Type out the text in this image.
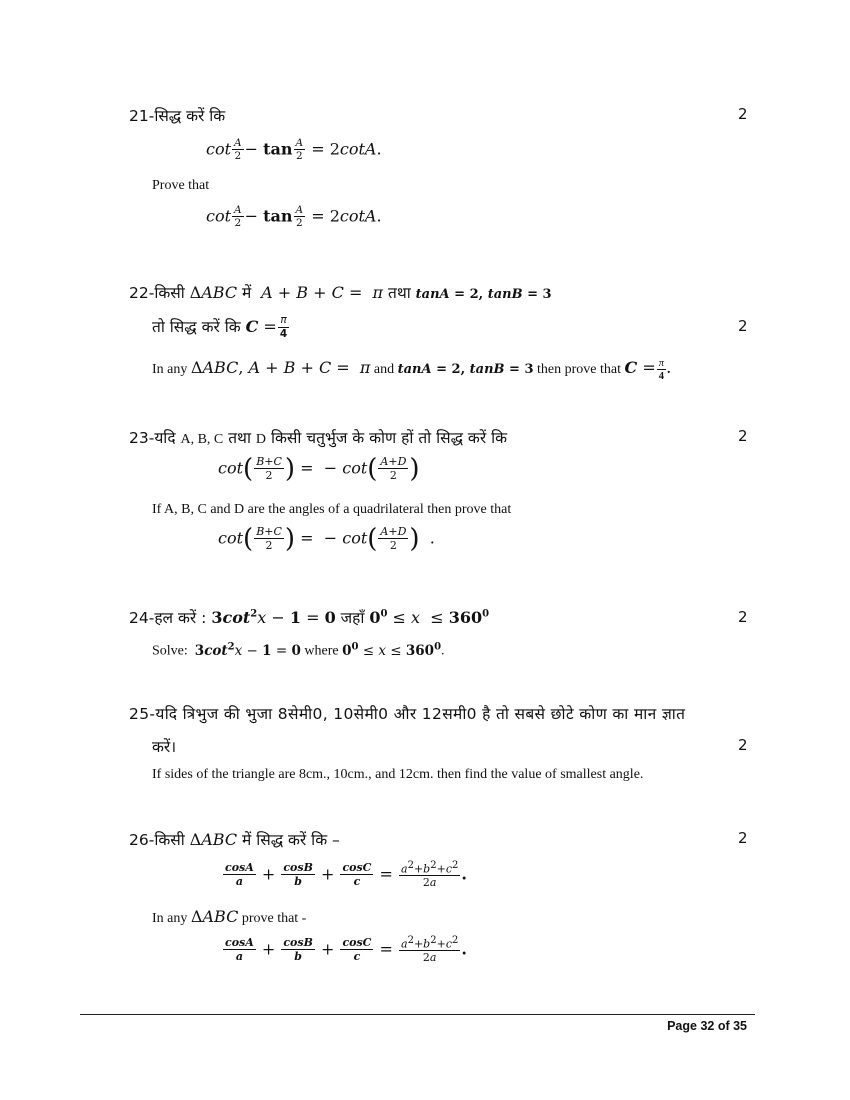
21-सिद्ध करें कि	2
$\cot \frac{A}{2} - \tan \frac{A}{2} = 2\cot A$.
Prove that
$\cot \frac{A}{2} - \tan \frac{A}{2} = 2\cot A$.
22-किसी ΔABC में  A + B + C =  π तथा tanA = 2, tanB = 3
तो सिद्ध करें कि $C = \frac{\pi}{4}$	2
In any ΔABC, A + B + C =  π and tanA = 2, tanB = 3 then prove that $C = \frac{\pi}{4}$ .
23-यदि A, B, C तथा D किसी चतुर्भुज के कोण हों तो सिद्ध करें कि	2
$\cot( \frac{B+C}{2}$ ) =  − $\cot( \frac{A+D}{2}$ )
If A, B, C and D are the angles of a quadrilateral then prove that
$\cot( \frac{B+C}{2}$ ) =  − $\cot( \frac{A+D}{2}$ )  .
24-हल करें : $3\cot^2x - 1 = 0$ जहाँ $0^0 \le x \le 360^0$	2
Solve:  $3\cot^2x - 1 = 0$ where $0^0 \le x \le 360^0$.
25-यदि त्रिभुज की भुजा 8सेमी0, 10सेमी0 और 12समी0 है तो सबसे छोटे कोण का मान ज्ञात
करें।	2
If sides of the triangle are 8cm., 10cm., and 12cm. then find the value of smallest angle.
26-किसी ΔABC में सिद्ध करें कि –	2
$\frac{\cos A}{a} + \frac{\cos B}{b} + \frac{\cos C}{c} = \frac{a^2+b^2+c^2}{2a}$ .
In any ΔABC prove that -
$\frac{\cos A}{a} + \frac{\cos B}{b} + \frac{\cos C}{c} = \frac{a^2+b^2+c^2}{2a}$ .
Page 32 of 35
